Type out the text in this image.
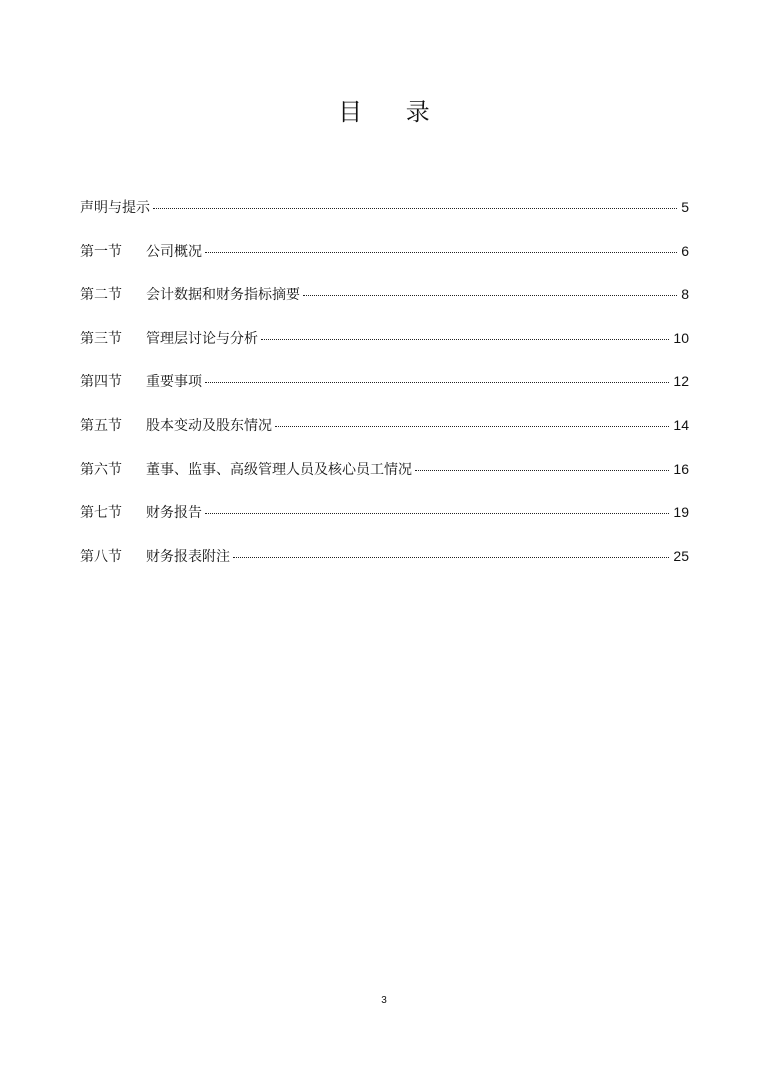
目 录
声明与提示	5
第一节	公司概况	6
第二节	会计数据和财务指标摘要	8
第三节	管理层讨论与分析	10
第四节	重要事项	12
第五节	股本变动及股东情况	14
第六节	董事、监事、高级管理人员及核心员工情况	16
第七节	财务报告	19
第八节	财务报表附注	25
3
